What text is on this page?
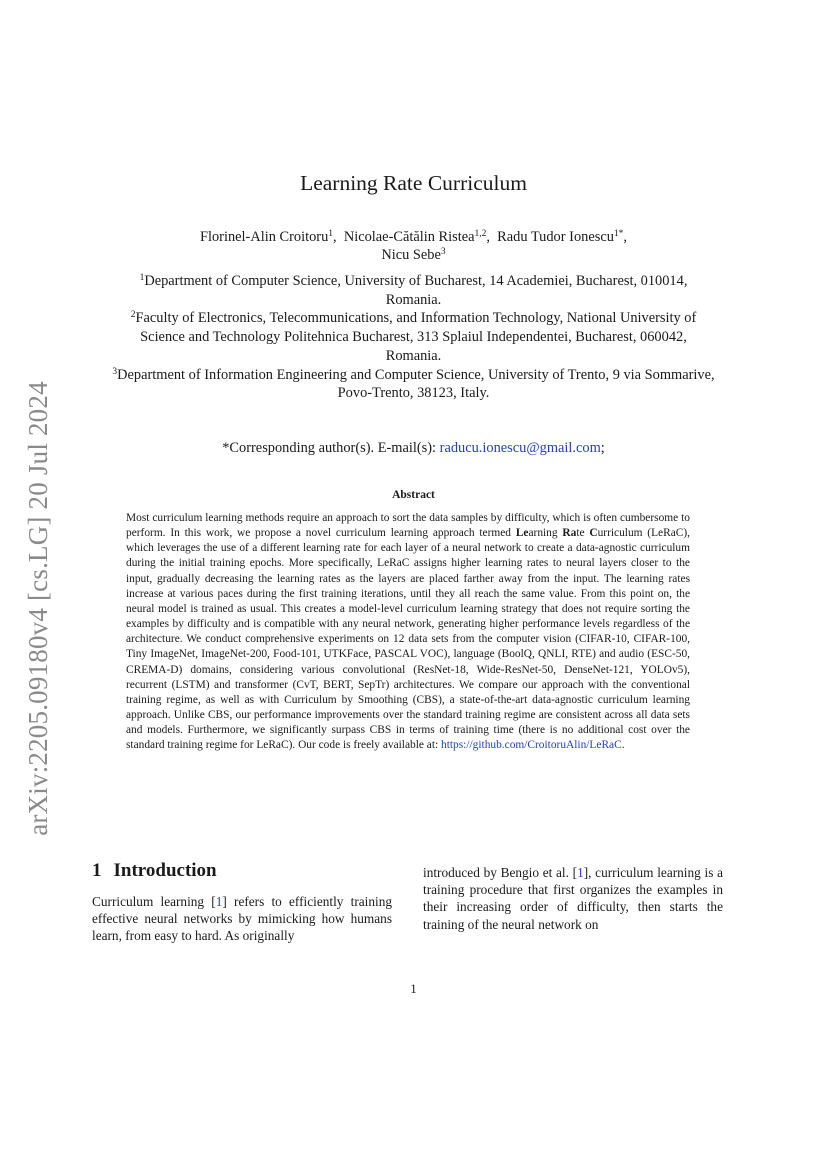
arXiv:2205.09180v4 [cs.LG] 20 Jul 2024
Learning Rate Curriculum
Florinel-Alin Croitoru$^1$,  Nicolae-Cătălin Ristea$^{1,2}$,  Radu Tudor Ionescu$^{1*}$,
Nicu Sebe$^3$

$^1$Department of Computer Science, University of Bucharest, 14 Academiei, Bucharest, 010014, Romania.

$^2$Faculty of Electronics, Telecommunications, and Information Technology, National University of Science and Technology Politehnica Bucharest, 313 Splaiul Independentei, Bucharest, 060042, Romania.

$^3$Department of Information Engineering and Computer Science, University of Trento, 9 via Sommarive, Povo-Trento, 38123, Italy.

*Corresponding author(s). E-mail(s): raducu.ionescu@gmail.com;
Abstract
Most curriculum learning methods require an approach to sort the data samples by difficulty, which is often cumbersome to perform. In this work, we propose a novel curriculum learning approach termed Learning Rate Curriculum (LeRaC), which leverages the use of a different learning rate for each layer of a neural network to create a data-agnostic curriculum during the initial training epochs. More specifically, LeRaC assigns higher learning rates to neural layers closer to the input, gradually decreasing the learning rates as the layers are placed farther away from the input. The learning rates increase at various paces during the first training iterations, until they all reach the same value. From this point on, the neural model is trained as usual. This creates a model-level curriculum learning strategy that does not require sorting the examples by difficulty and is compatible with any neural network, generating higher performance levels regardless of the architecture. We conduct comprehensive experiments on 12 data sets from the computer vision (CIFAR-10, CIFAR-100, Tiny ImageNet, ImageNet-200, Food-101, UTKFace, PASCAL VOC), language (BoolQ, QNLI, RTE) and audio (ESC-50, CREMA-D) domains, considering various convolutional (ResNet-18, Wide-ResNet-50, DenseNet-121, YOLOv5), recurrent (LSTM) and transformer (CvT, BERT, SepTr) architectures. We compare our approach with the conventional training regime, as well as with Curriculum by Smoothing (CBS), a state-of-the-art data-agnostic curriculum learning approach. Unlike CBS, our performance improvements over the standard training regime are consistent across all data sets and models. Furthermore, we significantly surpass CBS in terms of training time (there is no additional cost over the standard training regime for LeRaC). Our code is freely available at: https://github.com/CroitoruAlin/LeRaC.
1 Introduction
Curriculum learning [1] refers to efficiently training effective neural networks by mimicking how humans learn, from easy to hard. As originally
introduced by Bengio et al. [1], curriculum learning is a training procedure that first organizes the examples in their increasing order of difficulty, then starts the training of the neural network on
1
